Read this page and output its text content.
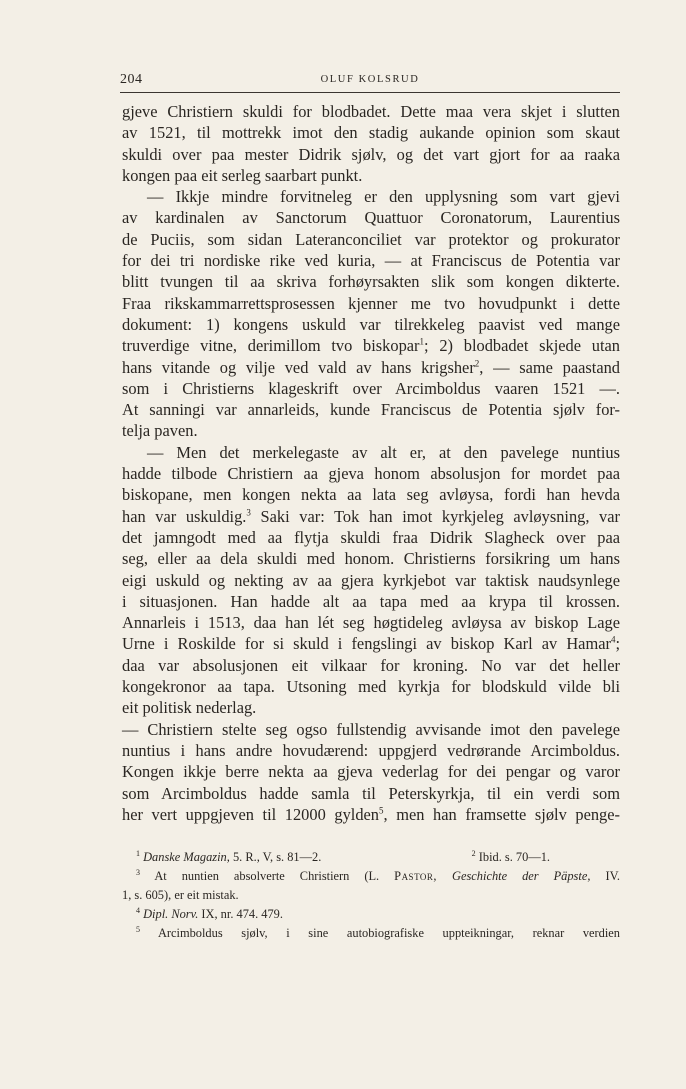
204	OLUF KOLSRUD
gjeve Christiern skuldi for blodbadet. Dette maa vera skjet i slutten
av 1521, til mottrekk imot den stadig aukande opinion som skaut
skuldi over paa mester Didrik sjølv, og det vart gjort for aa raaka
kongen paa eit serleg saarbart punkt.
— Ikkje mindre forvitneleg er den upplysning som vart gjevi
av kardinalen av Sanctorum Quattuor Coronatorum, Laurentius
de Puciis, som sidan Lateranconciliet var protektor og prokurator
for dei tri nordiske rike ved kuria, — at Franciscus de Potentia var
blitt tvungen til aa skriva forhøyrsakten slik som kongen dikterte.
Fraa rikskammarrettsprosessen kjenner me tvo hovudpunkt i dette
dokument: 1) kongens uskuld var tilrekkeleg paavist ved mange
truverdige vitne, derimillom tvo biskopar$^1$; 2) blodbadet skjede utan
hans vitande og vilje ved vald av hans krigsher$^2$, — same paastand
som i Christierns klageskrift over Arcimboldus vaaren 1521 —.
At sanningi var annarleids, kunde Franciscus de Potentia sjølv for-
telja paven.
— Men det merkelegaste av alt er, at den pavelege nuntius
hadde tilbode Christiern aa gjeva honom absolusjon for mordet paa
biskopane, men kongen nekta aa lata seg avløysa, fordi han hevda
han var uskuldig.$^3$ Saki var: Tok han imot kyrkjeleg avløysning, var
det jamngodt med aa flytja skuldi fraa Didrik Slagheck over paa
seg, eller aa dela skuldi med honom. Christierns forsikring um hans
eigi uskuld og nekting av aa gjera kyrkjebot var taktisk naudsynlege
i situasjonen. Han hadde alt aa tapa med aa krypa til krossen.
Annarleis i 1513, daa han lét seg høgtideleg avløysa av biskop Lage
Urne i Roskilde for si skuld i fengslingi av biskop Karl av Hamar$^4$;
daa var absolusjonen eit vilkaar for kroning. No var det heller
kongekronor aa tapa. Utsoning med kyrkja for blodskuld vilde bli
eit politisk nederlag.
— Christiern stelte seg ogso fullstendig avvisande imot den pavelege
nuntius i hans andre hovudærend: uppgjerd vedrørande Arcimboldus.
Kongen ikkje berre nekta aa gjeva vederlag for dei pengar og varor
som Arcimboldus hadde samla til Peterskyrkja, til ein verdi som
her vert uppgjeven til 12000 gylden$^5$, men han framsette sjølv penge-
$^1$ Danske Magazin, 5. R., V, s. 81—2.	$^2$ Ibid. s. 70—1.
$^3$ At nuntien absolverte Christiern (L. Pastor, Geschichte der Päpste, IV.
1, s. 605), er eit mistak.
$^4$ Dipl. Norv. IX, nr. 474. 479.
$^5$ Arcimboldus sjølv, i sine autobiografiske uppteikningar, reknar verdien
